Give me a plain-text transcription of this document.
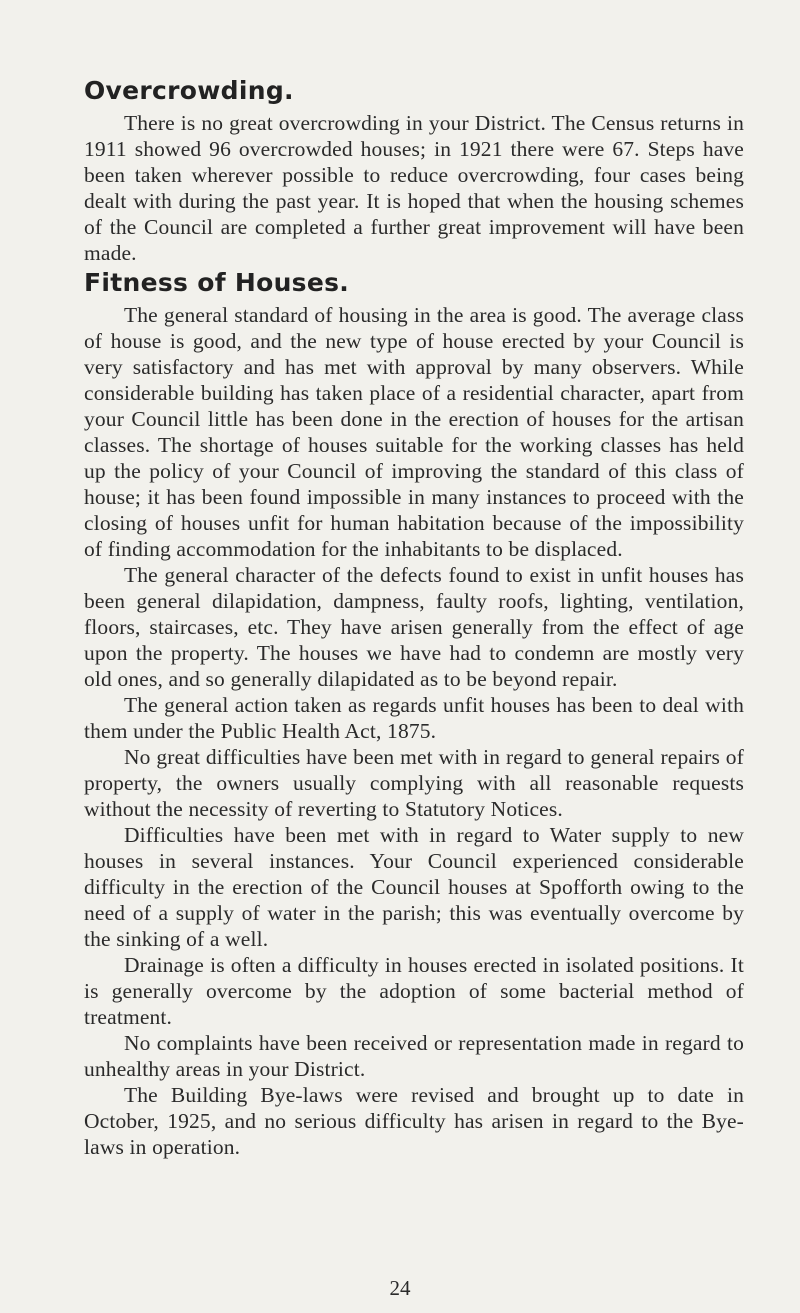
Overcrowding.

There is no great overcrowding in your District. The Census returns in 1911 showed 96 overcrowded houses; in 1921 there were 67. Steps have been taken wherever possible to reduce overcrowding, four cases being dealt with during the past year. It is hoped that when the housing schemes of the Council are completed a further great improvement will have been made.

Fitness of Houses.

The general standard of housing in the area is good. The average class of house is good, and the new type of house erected by your Council is very satisfactory and has met with approval by many observers. While considerable building has taken place of a residential character, apart from your Council little has been done in the erection of houses for the artisan classes. The shortage of houses suitable for the working classes has held up the policy of your Council of improving the standard of this class of house; it has been found impossible in many instances to proceed with the closing of houses unfit for human habitation because of the impossibility of finding accommodation for the inhabitants to be displaced.

The general character of the defects found to exist in unfit houses has been general dilapidation, dampness, faulty roofs, lighting, ventilation, floors, staircases, etc. They have arisen generally from the effect of age upon the property. The houses we have had to condemn are mostly very old ones, and so generally dilapidated as to be beyond repair.

The general action taken as regards unfit houses has been to deal with them under the Public Health Act, 1875.

No great difficulties have been met with in regard to general repairs of property, the owners usually complying with all reasonable requests without the necessity of reverting to Statutory Notices.

Difficulties have been met with in regard to Water supply to new houses in several instances. Your Council experienced considerable difficulty in the erection of the Council houses at Spofforth owing to the need of a supply of water in the parish; this was eventually overcome by the sinking of a well.

Drainage is often a difficulty in houses erected in isolated positions. It is generally overcome by the adoption of some bacterial method of treatment.

No complaints have been received or representation made in regard to unhealthy areas in your District.

The Building Bye-laws were revised and brought up to date in October, 1925, and no serious difficulty has arisen in regard to the Bye-laws in operation.

24
